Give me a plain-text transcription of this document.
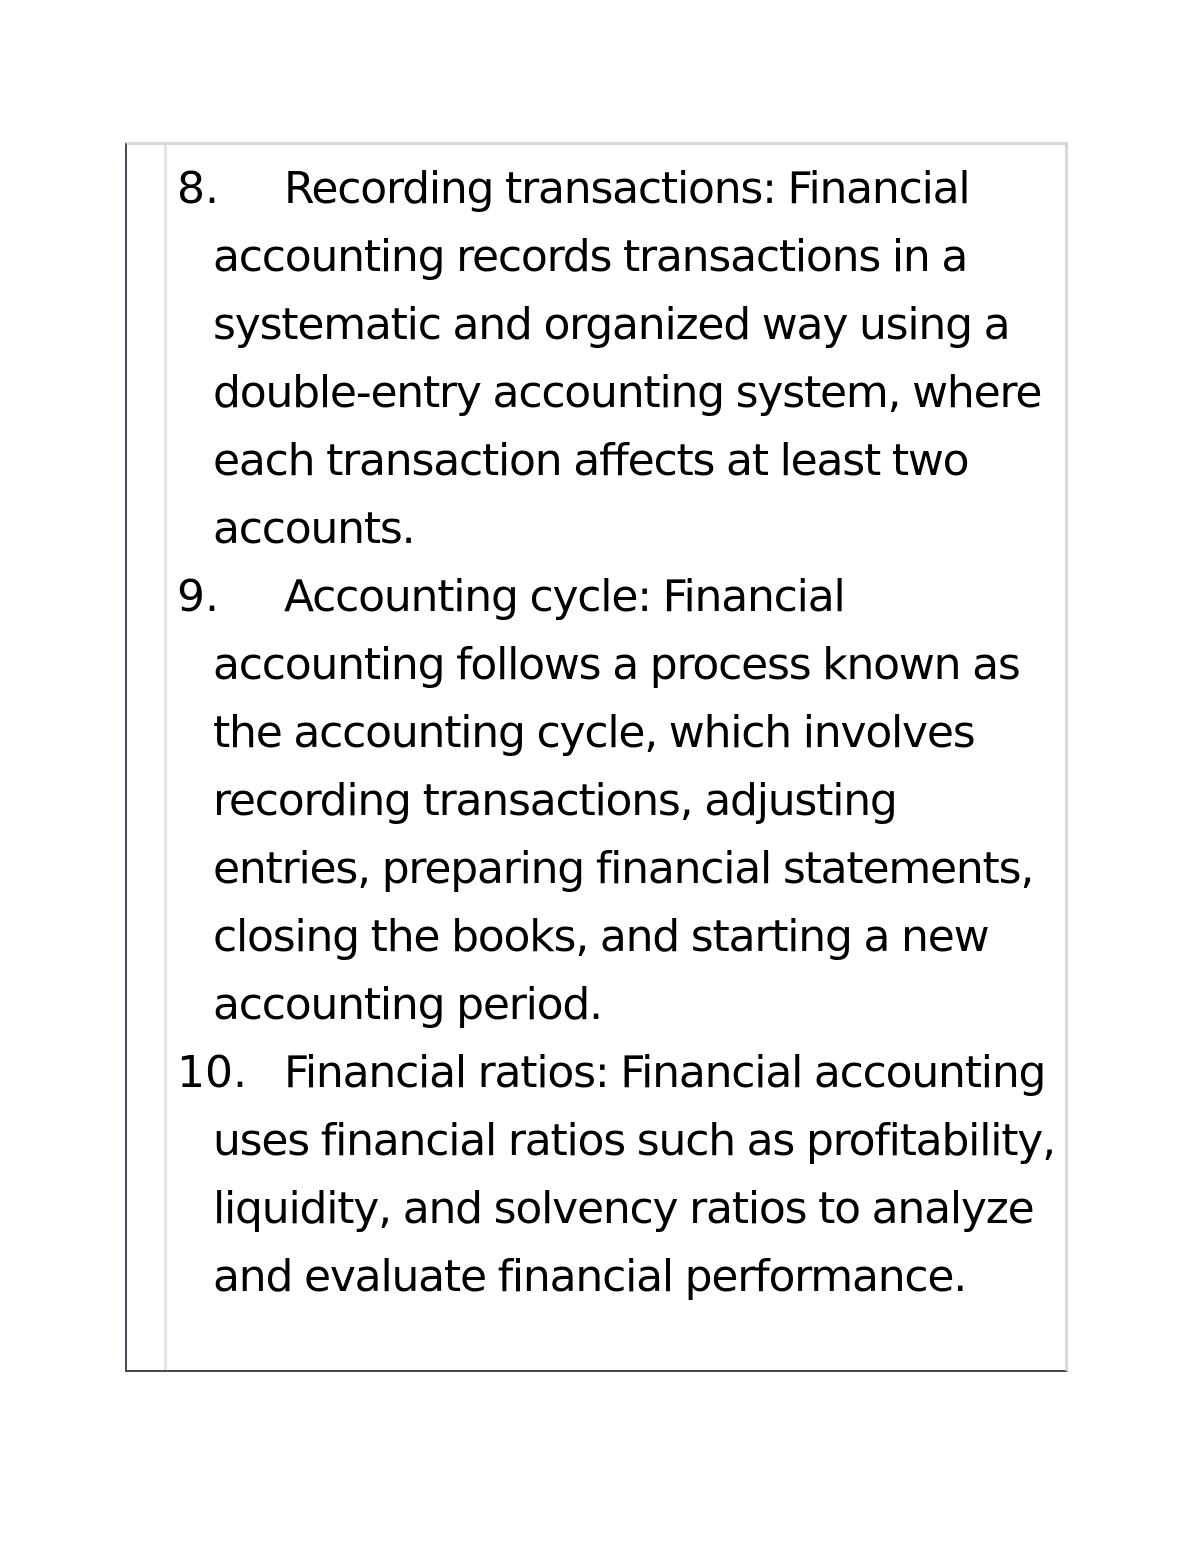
8.	Recording transactions: Financial accounting records transactions in a systematic and organized way using a double-entry accounting system, where each transaction affects at least two accounts.
9.	Accounting cycle: Financial accounting follows a process known as the accounting cycle, which involves recording transactions, adjusting entries, preparing financial statements, closing the books, and starting a new accounting period.
10. Financial ratios: Financial accounting uses financial ratios such as profitability, liquidity, and solvency ratios to analyze and evaluate financial performance.
